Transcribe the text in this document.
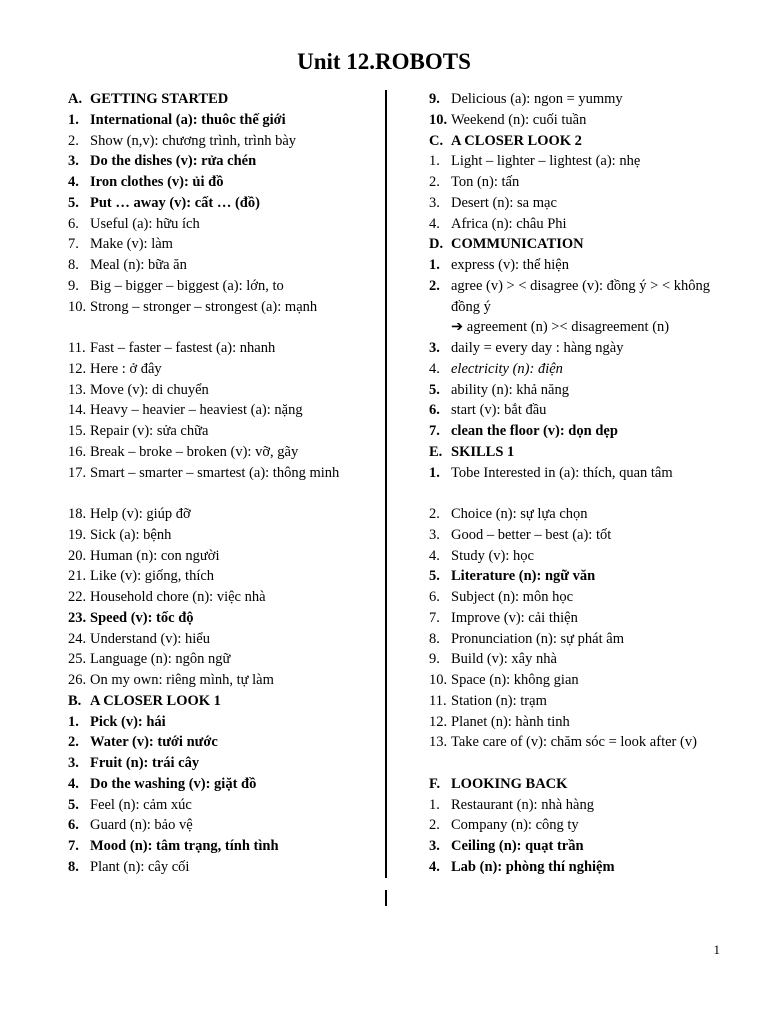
Unit 12.ROBOTS
A. GETTING STARTED
1. International (a): thuôc thế giới
2. Show (n,v): chương trình, trình bày
3. Do the dishes (v): rửa chén
4. Iron clothes (v): ủi đồ
5. Put … away (v): cất … (đồ)
6. Useful (a): hữu ích
7. Make (v): làm
8. Meal (n): bữa ăn
9. Big – bigger – biggest (a): lớn, to
10. Strong – stronger – strongest (a): mạnh
11. Fast – faster – fastest (a): nhanh
12. Here : ở đây
13. Move (v): di chuyển
14. Heavy – heavier – heaviest (a): nặng
15. Repair (v): sửa chữa
16. Break – broke – broken (v): vỡ, gãy
17. Smart – smarter – smartest (a): thông minh
18. Help (v): giúp đỡ
19. Sick (a): bệnh
20. Human (n): con người
21. Like (v): giống, thích
22. Household chore (n): việc nhà
23. Speed (v): tốc độ
24. Understand (v): hiểu
25. Language (n): ngôn ngữ
26. On my own: riêng mình, tự làm
B. A CLOSER LOOK 1
1. Pick (v): hái
2. Water (v): tưới nước
3. Fruit (n): trái cây
4. Do the washing (v): giặt đồ
5. Feel (n): cảm xúc
6. Guard (n): bảo vệ
7. Mood (n): tâm trạng, tính tình
8. Plant (n): cây cối
9. Delicious (a): ngon = yummy
10. Weekend (n): cuối tuần
C. A CLOSER LOOK 2
1. Light – lighter – lightest (a): nhẹ
2. Ton (n): tấn
3. Desert (n): sa mạc
4. Africa (n): châu Phi
D. COMMUNICATION
1. express (v): thể hiện
2. agree (v) > < disagree (v): đồng ý > < không đồng ý
➔ agreement (n) >< disagreement (n)
3. daily = every day : hàng ngày
4. electricity (n): điện
5. ability (n): khả năng
6. start (v): bắt đầu
7. clean the floor (v): dọn dẹp
E. SKILLS 1
1. Tobe Interested in (a): thích, quan tâm
2. Choice (n): sự lựa chọn
3. Good – better – best (a): tốt
4. Study (v): học
5. Literature (n): ngữ văn
6. Subject (n): môn học
7. Improve (v): cải thiện
8. Pronunciation (n): sự phát âm
9. Build (v): xây nhà
10. Space (n): không gian
11. Station (n): trạm
12. Planet (n): hành tinh
13. Take care of (v): chăm sóc = look after (v)
F. LOOKING BACK
1. Restaurant (n): nhà hàng
2. Company (n): công ty
3. Ceiling (n): quạt trần
4. Lab (n): phòng thí nghiệm
1
